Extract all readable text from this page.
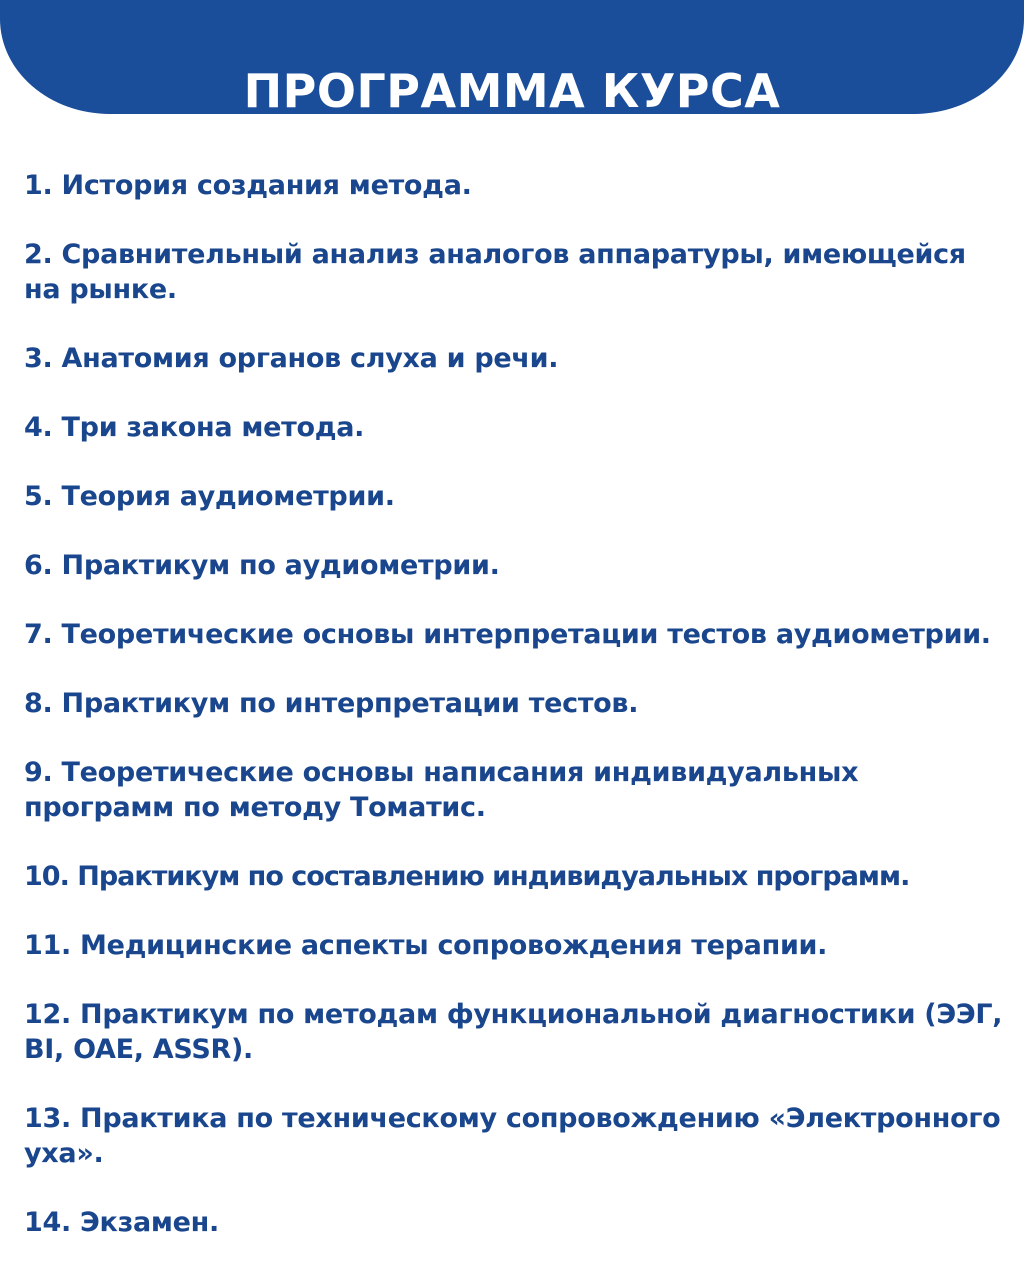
ПРОГРАММА КУРСА
1. История создания метода.
2. Сравнительный анализ аналогов аппаратуры, имеющейся на рынке.
3. Анатомия органов слуха и речи.
4. Три закона метода.
5. Теория аудиометрии.
6. Практикум по аудиометрии.
7. Теоретические основы интерпретации тестов аудиометрии.
8. Практикум по интерпретации тестов.
9. Теоретические основы написания индивидуальных программ по методу Томатис.
10. Практикум по составлению индивидуальных программ.
11. Медицинские аспекты сопровождения терапии.
12. Практикум по методам функциональной диагностики (ЭЭГ, BI, OAE, ASSR).
13. Практика по техническому сопровождению «Электронного уха».
14. Экзамен.
